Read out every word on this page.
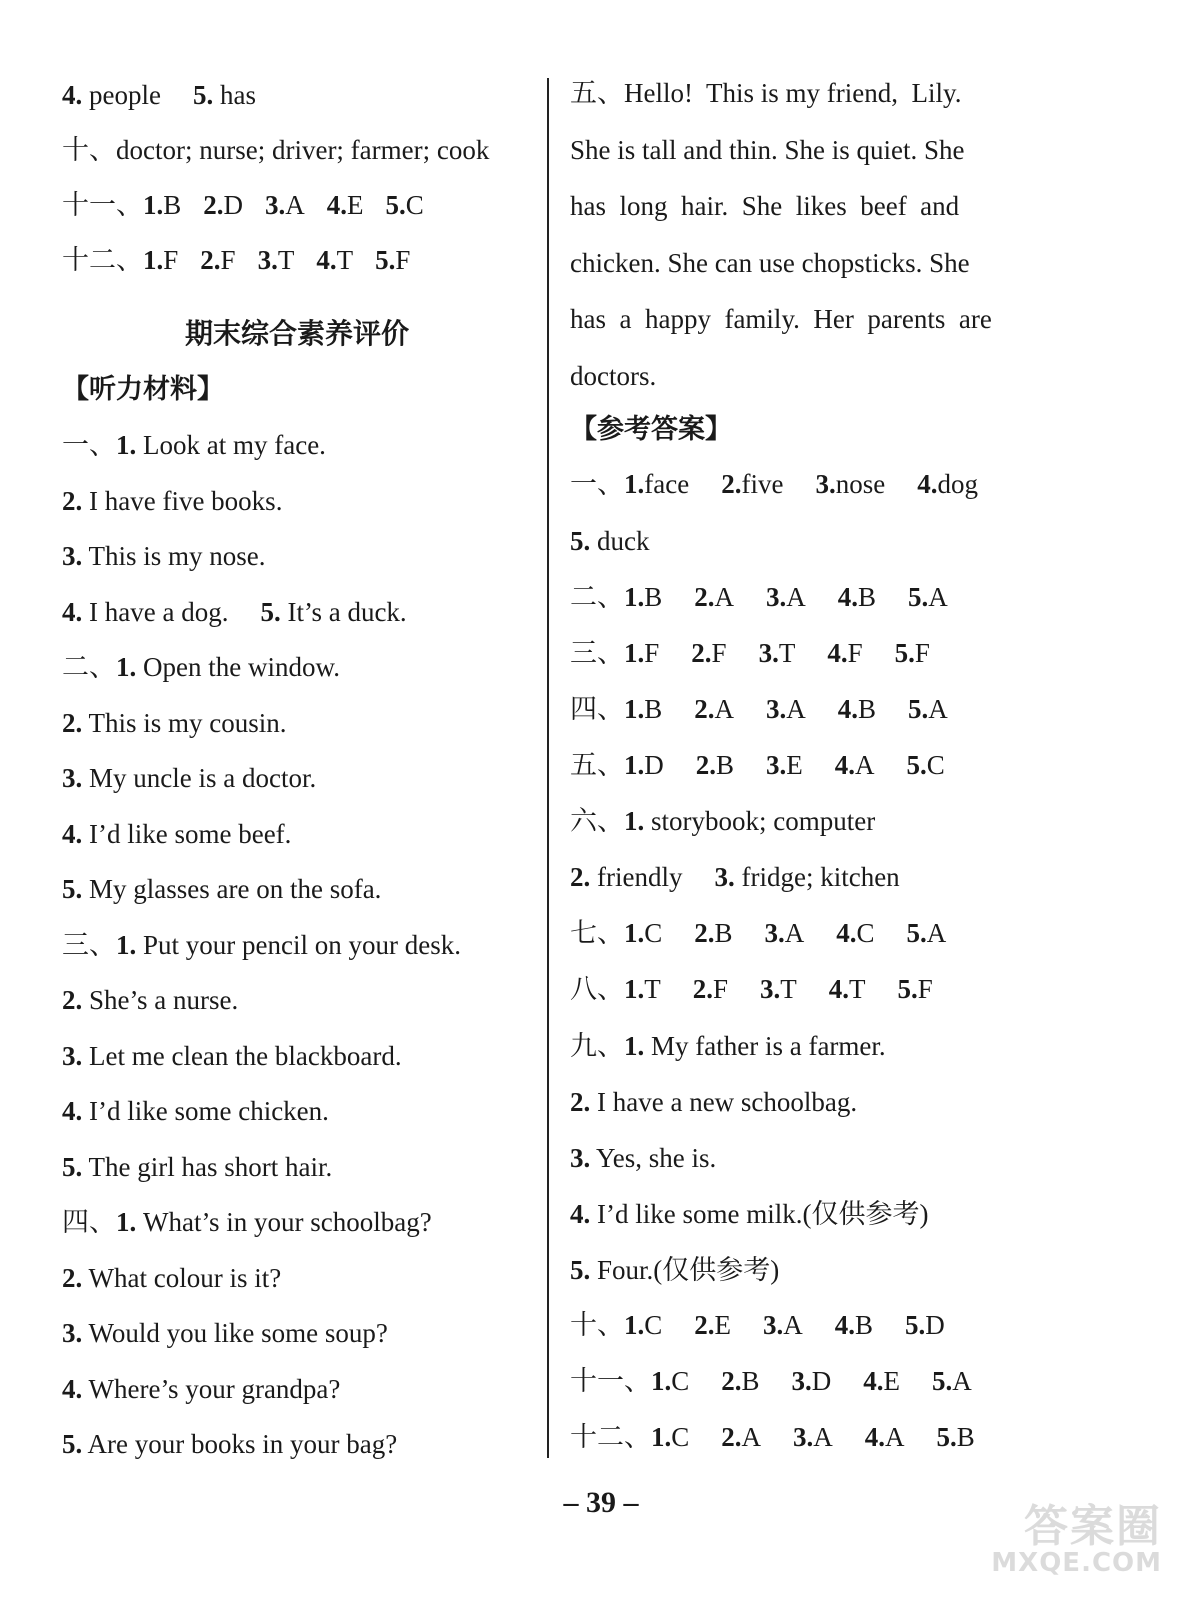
4. people 5. has
十、doctor; nurse; driver; farmer; cook
十一、1.B 2.D 3.A 4.E 5.C
十二、1.F 2.F 3.T 4.T 5.F
期末综合素养评价
【听力材料】
一、1. Look at my face.
2. I have five books.
3. This is my nose.
4. I have a dog. 5. It’s a duck.
二、1. Open the window.
2. This is my cousin.
3. My uncle is a doctor.
4. I’d like some beef.
5. My glasses are on the sofa.
三、1. Put your pencil on your desk.
2. She’s a nurse.
3. Let me clean the blackboard.
4. I’d like some chicken.
5. The girl has short hair.
四、1. What’s in your schoolbag?
2. What colour is it?
3. Would you like some soup?
4. Where’s your grandpa?
5. Are your books in your bag?
五、Hello!  This is my friend,  Lily.
She is tall and thin. She is quiet. She
has  long  hair.  She  likes  beef  and
chicken. She can use chopsticks. She
has  a  happy  family.  Her  parents  are
doctors.
【参考答案】
一、1.face 2.five 3.nose 4.dog
5. duck
二、1.B 2.A 3.A 4.B 5.A
三、1.F 2.F 3.T 4.F 5.F
四、1.B 2.A 3.A 4.B 5.A
五、1.D 2.B 3.E 4.A 5.C
六、1. storybook; computer
2. friendly 3. fridge; kitchen
七、1.C 2.B 3.A 4.C 5.A
八、1.T 2.F 3.T 4.T 5.F
九、1. My father is a farmer.
2. I have a new schoolbag.
3. Yes, she is.
4. I’d like some milk.(仅供参考)
5. Four.(仅供参考)
十、1.C 2.E 3.A 4.B 5.D
十一、1.C 2.B 3.D 4.E 5.A
十二、1.C 2.A 3.A 4.A 5.B
– 39 –	答案圈
MXQE.COM
